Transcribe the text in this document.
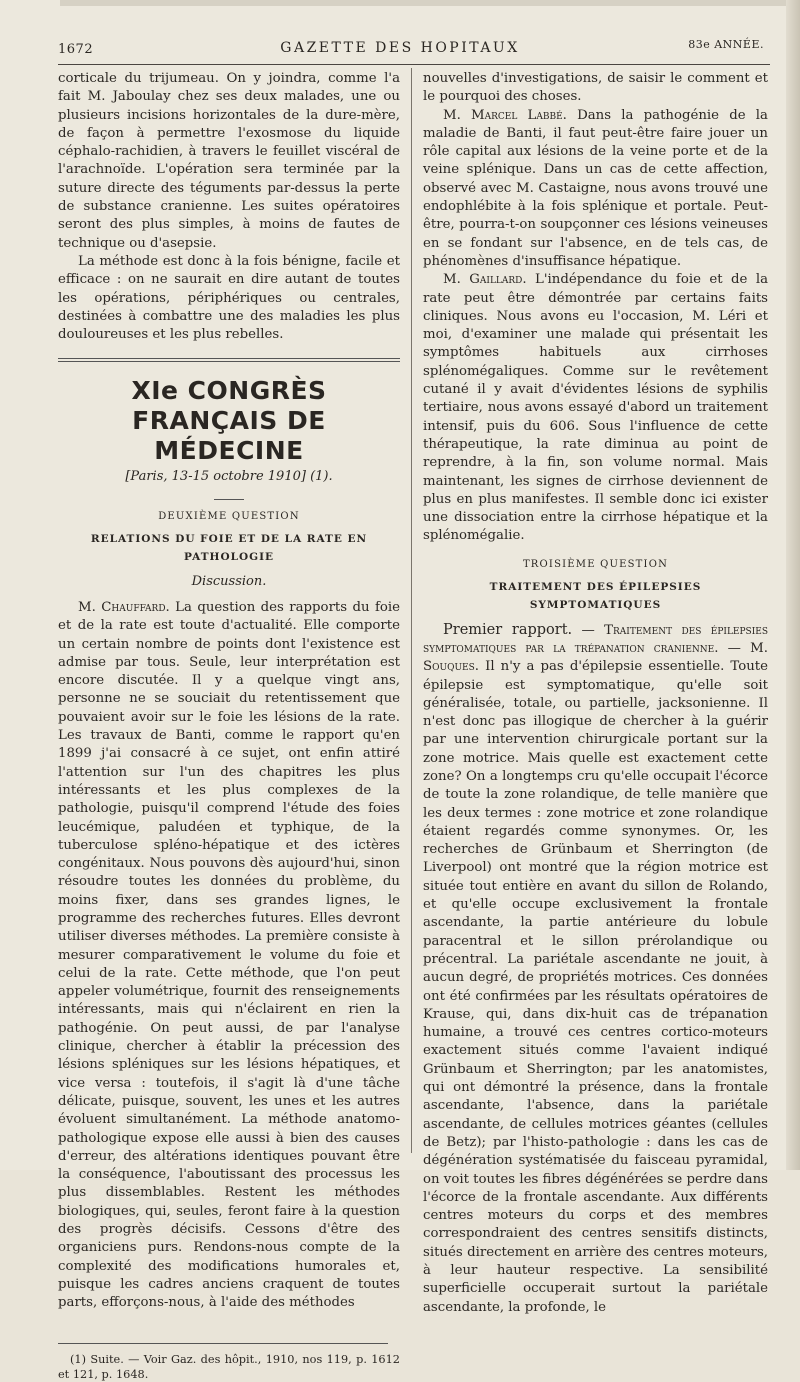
1672	GAZETTE DES HOPITAUX	83e ANNÉE.

corticale du trijumeau. On y joindra, comme l'a fait M. Jaboulay chez ses deux malades, une ou plusieurs incisions horizontales de la dure-mère, de façon à permettre l'exosmose du liquide céphalo-rachidien, à travers le feuillet viscéral de l'arachnoïde. L'opération sera terminée par la suture directe des téguments par-dessus la perte de substance cranienne. Les suites opératoires seront des plus simples, à moins de fautes de technique ou d'asepsie.

La méthode est donc à la fois bénigne, facile et efficace : on ne saurait en dire autant de toutes les opérations, périphériques ou centrales, destinées à combattre une des maladies les plus douloureuses et les plus rebelles.

XIe CONGRÈS FRANÇAIS DE MÉDECINE
[Paris, 13-15 octobre 1910] (1).
DEUXIÈME QUESTION
RELATIONS DU FOIE ET DE LA RATE EN PATHOLOGIE
Discussion.

M. Chauffard. La question des rapports du foie et de la rate est toute d'actualité. Elle comporte un certain nombre de points dont l'existence est admise par tous. Seule, leur interprétation est encore discutée. Il y a quelque vingt ans, personne ne se souciait du retentissement que pouvaient avoir sur le foie les lésions de la rate. Les travaux de Banti, comme le rapport qu'en 1899 j'ai consacré à ce sujet, ont enfin attiré l'attention sur l'un des chapitres les plus intéressants et les plus complexes de la pathologie, puisqu'il comprend l'étude des foies leucémique, paludéen et typhique, de la tuberculose spléno-hépatique et des ictères congénitaux. Nous pouvons dès aujourd'hui, sinon résoudre toutes les données du problème, du moins fixer, dans ses grandes lignes, le programme des recherches futures. Elles devront utiliser diverses méthodes. La première consiste à mesurer comparativement le volume du foie et celui de la rate. Cette méthode, que l'on peut appeler volumétrique, fournit des renseignements intéressants, mais qui n'éclairent en rien la pathogénie. On peut aussi, de par l'analyse clinique, chercher à établir la précession des lésions spléniques sur les lésions hépatiques, et vice versa : toutefois, il s'agit là d'une tâche délicate, puisque, souvent, les unes et les autres évoluent simultanément. La méthode anatomo-pathologique expose elle aussi à bien des causes d'erreur, des altérations identiques pouvant être la conséquence, l'aboutissant des processus les plus dissemblables. Restent les méthodes biologiques, qui, seules, feront faire à la question des progrès décisifs. Cessons d'être des organiciens purs. Rendons-nous compte de la complexité des modifications humorales et, puisque les cadres anciens craquent de toutes parts, efforçons-nous, à l'aide des méthodes

(1) Suite. — Voir Gaz. des hôpit., 1910, nos 119, p. 1612 et 121, p. 1648.

nouvelles d'investigations, de saisir le comment et le pourquoi des choses.

M. Marcel Labbé. Dans la pathogénie de la maladie de Banti, il faut peut-être faire jouer un rôle capital aux lésions de la veine porte et de la veine splénique. Dans un cas de cette affection, observé avec M. Castaigne, nous avons trouvé une endophlébite à la fois splénique et portale. Peut-être, pourra-t-on soupçonner ces lésions veineuses en se fondant sur l'absence, en de tels cas, de phénomènes d'insuffisance hépatique.

M. Gaillard. L'indépendance du foie et de la rate peut être démontrée par certains faits cliniques. Nous avons eu l'occasion, M. Léri et moi, d'examiner une malade qui présentait les symptômes habituels aux cirrhoses splénomégaliques. Comme sur le revêtement cutané il y avait d'évidentes lésions de syphilis tertiaire, nous avons essayé d'abord un traitement intensif, puis du 606. Sous l'influence de cette thérapeutique, la rate diminua au point de reprendre, à la fin, son volume normal. Mais maintenant, les signes de cirrhose deviennent de plus en plus manifestes. Il semble donc ici exister une dissociation entre la cirrhose hépatique et la splénomégalie.

TROISIÈME QUESTION
TRAITEMENT DES ÉPILEPSIES SYMPTOMATIQUES

Premier rapport. — Traitement des épilepsies symptomatiques par la trépanation cranienne. — M. Souques. Il n'y a pas d'épilepsie essentielle. Toute épilepsie est symptomatique, qu'elle soit généralisée, totale, ou partielle, jacksonienne. Il n'est donc pas illogique de chercher à la guérir par une intervention chirurgicale portant sur la zone motrice. Mais quelle est exactement cette zone? On a longtemps cru qu'elle occupait l'écorce de toute la zone rolandique, de telle manière que les deux termes : zone motrice et zone rolandique étaient regardés comme synonymes. Or, les recherches de Grünbaum et Sherrington (de Liverpool) ont montré que la région motrice est située tout entière en avant du sillon de Rolando, et qu'elle occupe exclusivement la frontale ascendante, la partie antérieure du lobule paracentral et le sillon prérolandique ou précentral. La pariétale ascendante ne jouit, à aucun degré, de propriétés motrices. Ces données ont été confirmées par les résultats opératoires de Krause, qui, dans dix-huit cas de trépanation humaine, a trouvé ces centres cortico-moteurs exactement situés comme l'avaient indiqué Grünbaum et Sherrington; par les anatomistes, qui ont démontré la présence, dans la frontale ascendante, l'absence, dans la pariétale ascendante, de cellules motrices géantes (cellules de Betz); par l'histo-pathologie : dans les cas de dégénération systématisée du faisceau pyramidal, on voit toutes les fibres dégénérées se perdre dans l'écorce de la frontale ascendante. Aux différents centres moteurs du corps et des membres correspondraient des centres sensitifs distincts, situés directement en arrière des centres moteurs, à leur hauteur respective. La sensibilité superficielle occuperait surtout la pariétale ascendante, la profonde, le
